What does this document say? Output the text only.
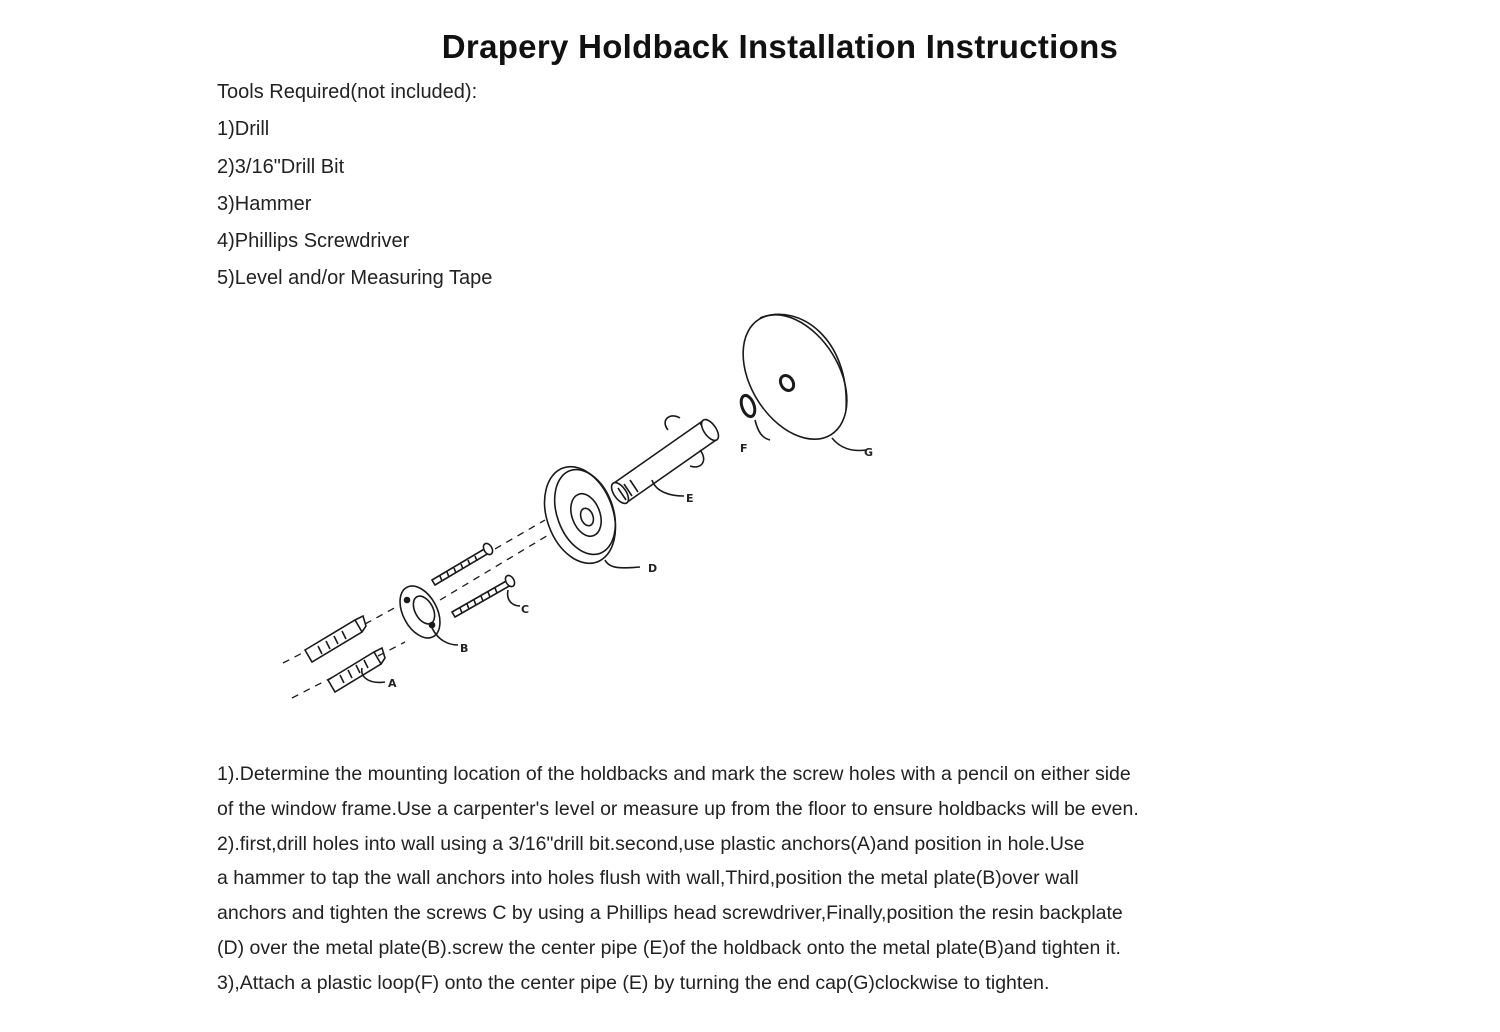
Drapery Holdback Installation Instructions
Tools Required(not included):
1)Drill
2)3/16"Drill Bit
3)Hammer
4)Phillips Screwdriver
5)Level and/or Measuring Tape
A
B
C
D
E
F	G
1).Determine the mounting location of the holdbacks and mark the screw holes with a pencil on either side
of the window frame.Use a carpenter's level or measure up from the floor to ensure holdbacks will be even.
2).first,drill holes into wall using a 3/16"drill bit.second,use plastic anchors(A)and position in hole.Use
a hammer to tap the wall anchors into holes flush with wall,Third,position the metal plate(B)over wall
anchors and tighten the screws C by using a Phillips head screwdriver,Finally,position the resin backplate
(D) over the metal plate(B).screw the center pipe (E)of the holdback onto the metal plate(B)and tighten it.
3),Attach a plastic loop(F) onto the center pipe (E) by turning the end cap(G)clockwise to tighten.
